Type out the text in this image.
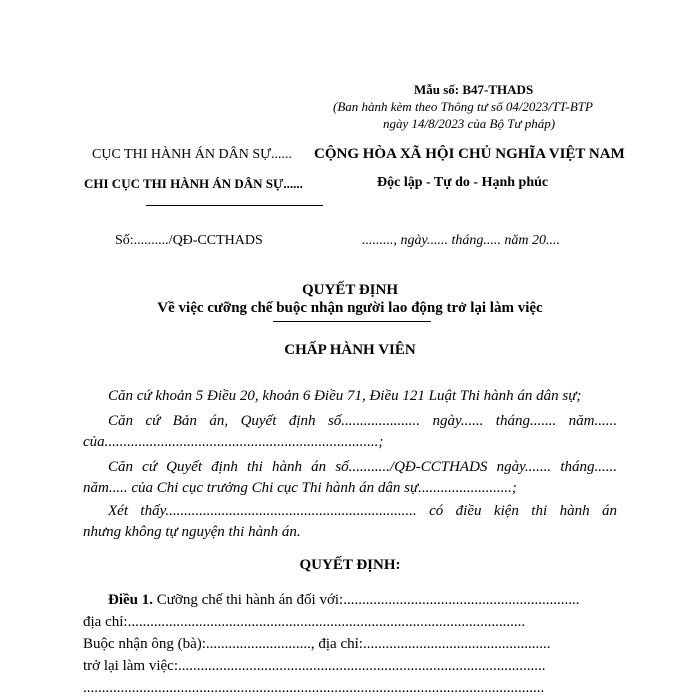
Mẫu số: B47-THADS
(Ban hành kèm theo Thông tư số 04/2023/TT-BTP
ngày 14/8/2023 của Bộ Tư pháp)
CỤC THI HÀNH ÁN DÂN SỰ......
CHI CỤC THI HÀNH ÁN DÂN SỰ......
CỘNG HÒA XÃ HỘI CHỦ NGHĨA VIỆT NAM
Độc lập - Tự do - Hạnh phúc
Số:........../QĐ-CCTHADS	........., ngày...... tháng..... năm 20....
QUYẾT ĐỊNH
Về việc cưỡng chế buộc nhận người lao động trở lại làm việc
CHẤP HÀNH VIÊN
Căn cứ khoản 5 Điều 20, khoản 6 Điều 71, Điều 121 Luật Thi hành án dân sự;
Căn cứ Bản án, Quyết định số..................... ngày...... tháng....... năm......
của.........................................................................;
Căn cứ Quyết định thi hành án số.........../QĐ-CCTHADS ngày....... tháng......
năm..... của Chi cục trưởng Chi cục Thi hành án dân sự.........................;
Xét thấy................................................................... có điều kiện thi hành án
nhưng không tự nguyện thi hành án.
QUYẾT ĐỊNH:
Điều 1. Cưỡng chế thi hành án đối với:...............................................................
địa chỉ:..........................................................................................................
Buộc nhận ông (bà):............................, địa chỉ:..................................................
trở lại làm việc:..................................................................................................
...........................................................................................................................
